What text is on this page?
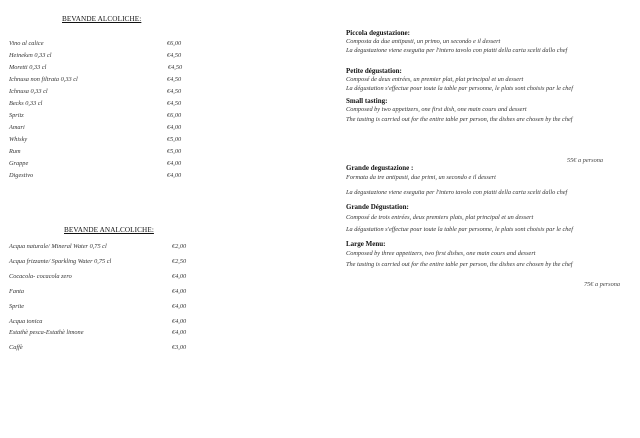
BEVANDE ALCOLICHE:
Vino al calice	€6,00
Heineken 0,33 cl	€4,50
Moretti 0,33 cl	€4,50
Ichnusa non filtrata 0,33 cl	€4,50
Ichnusa 0,33 cl	€4,50
Becks 0,33 cl	€4,50
Spritz	€6,00
Amari	€4,00
Whisky	€5,00
Rum	€5,00
Grappe	€4,00
Digestivo	€4,00
BEVANDE ANALCOLICHE:
Acqua naturale/ Mineral Water 0,75 cl	€2,00
Acqua frizzante/ Sparkling Water 0,75 cl	€2,50
Cocacola- cocacola zero	€4,00
Fanta	€4,00
Sprite	€4,00
Acqua tonica	€4,00
Estathè pesca-Estathè limone	€4,00
Caffè	€3,00
Piccola degustazione:
Composta da due antipasti, un primo, un secondo e il dessert
La degustazione viene eseguita per l'intero tavolo con piatti della carta scelti dallo chef
Petite dégustation:
Composé de deux entrées, un premier plat, plat principal et un dessert
La dégustation s'effectue pour toute la table par personne, le plats sont choisis par le chef
Small tasting:
Composed by two appetizers, one first dish, one main cours and dessert
The tasting is carried out for the entire table per person, the dishes are chosen by the chef
55€ a persona
Grande degustazione :
Formata da tre antipasti, due primi, un secondo e il dessert
La degustazione viene eseguita per l'intero tavolo con piatti della carta scelti dallo chef
Grande Dégustation:
Composé de trois entrées, deux premiers plats, plat principal et un dessert
La dégustation s'effectue pour toute la table par personne, le plats sont choisis par le chef
Large Menu:
Composed by three appetizers, two first dishes, one main cours and dessert
The tasting is carried out for the entire table per person, the dishes are chosen by the chef
75€ a persona
